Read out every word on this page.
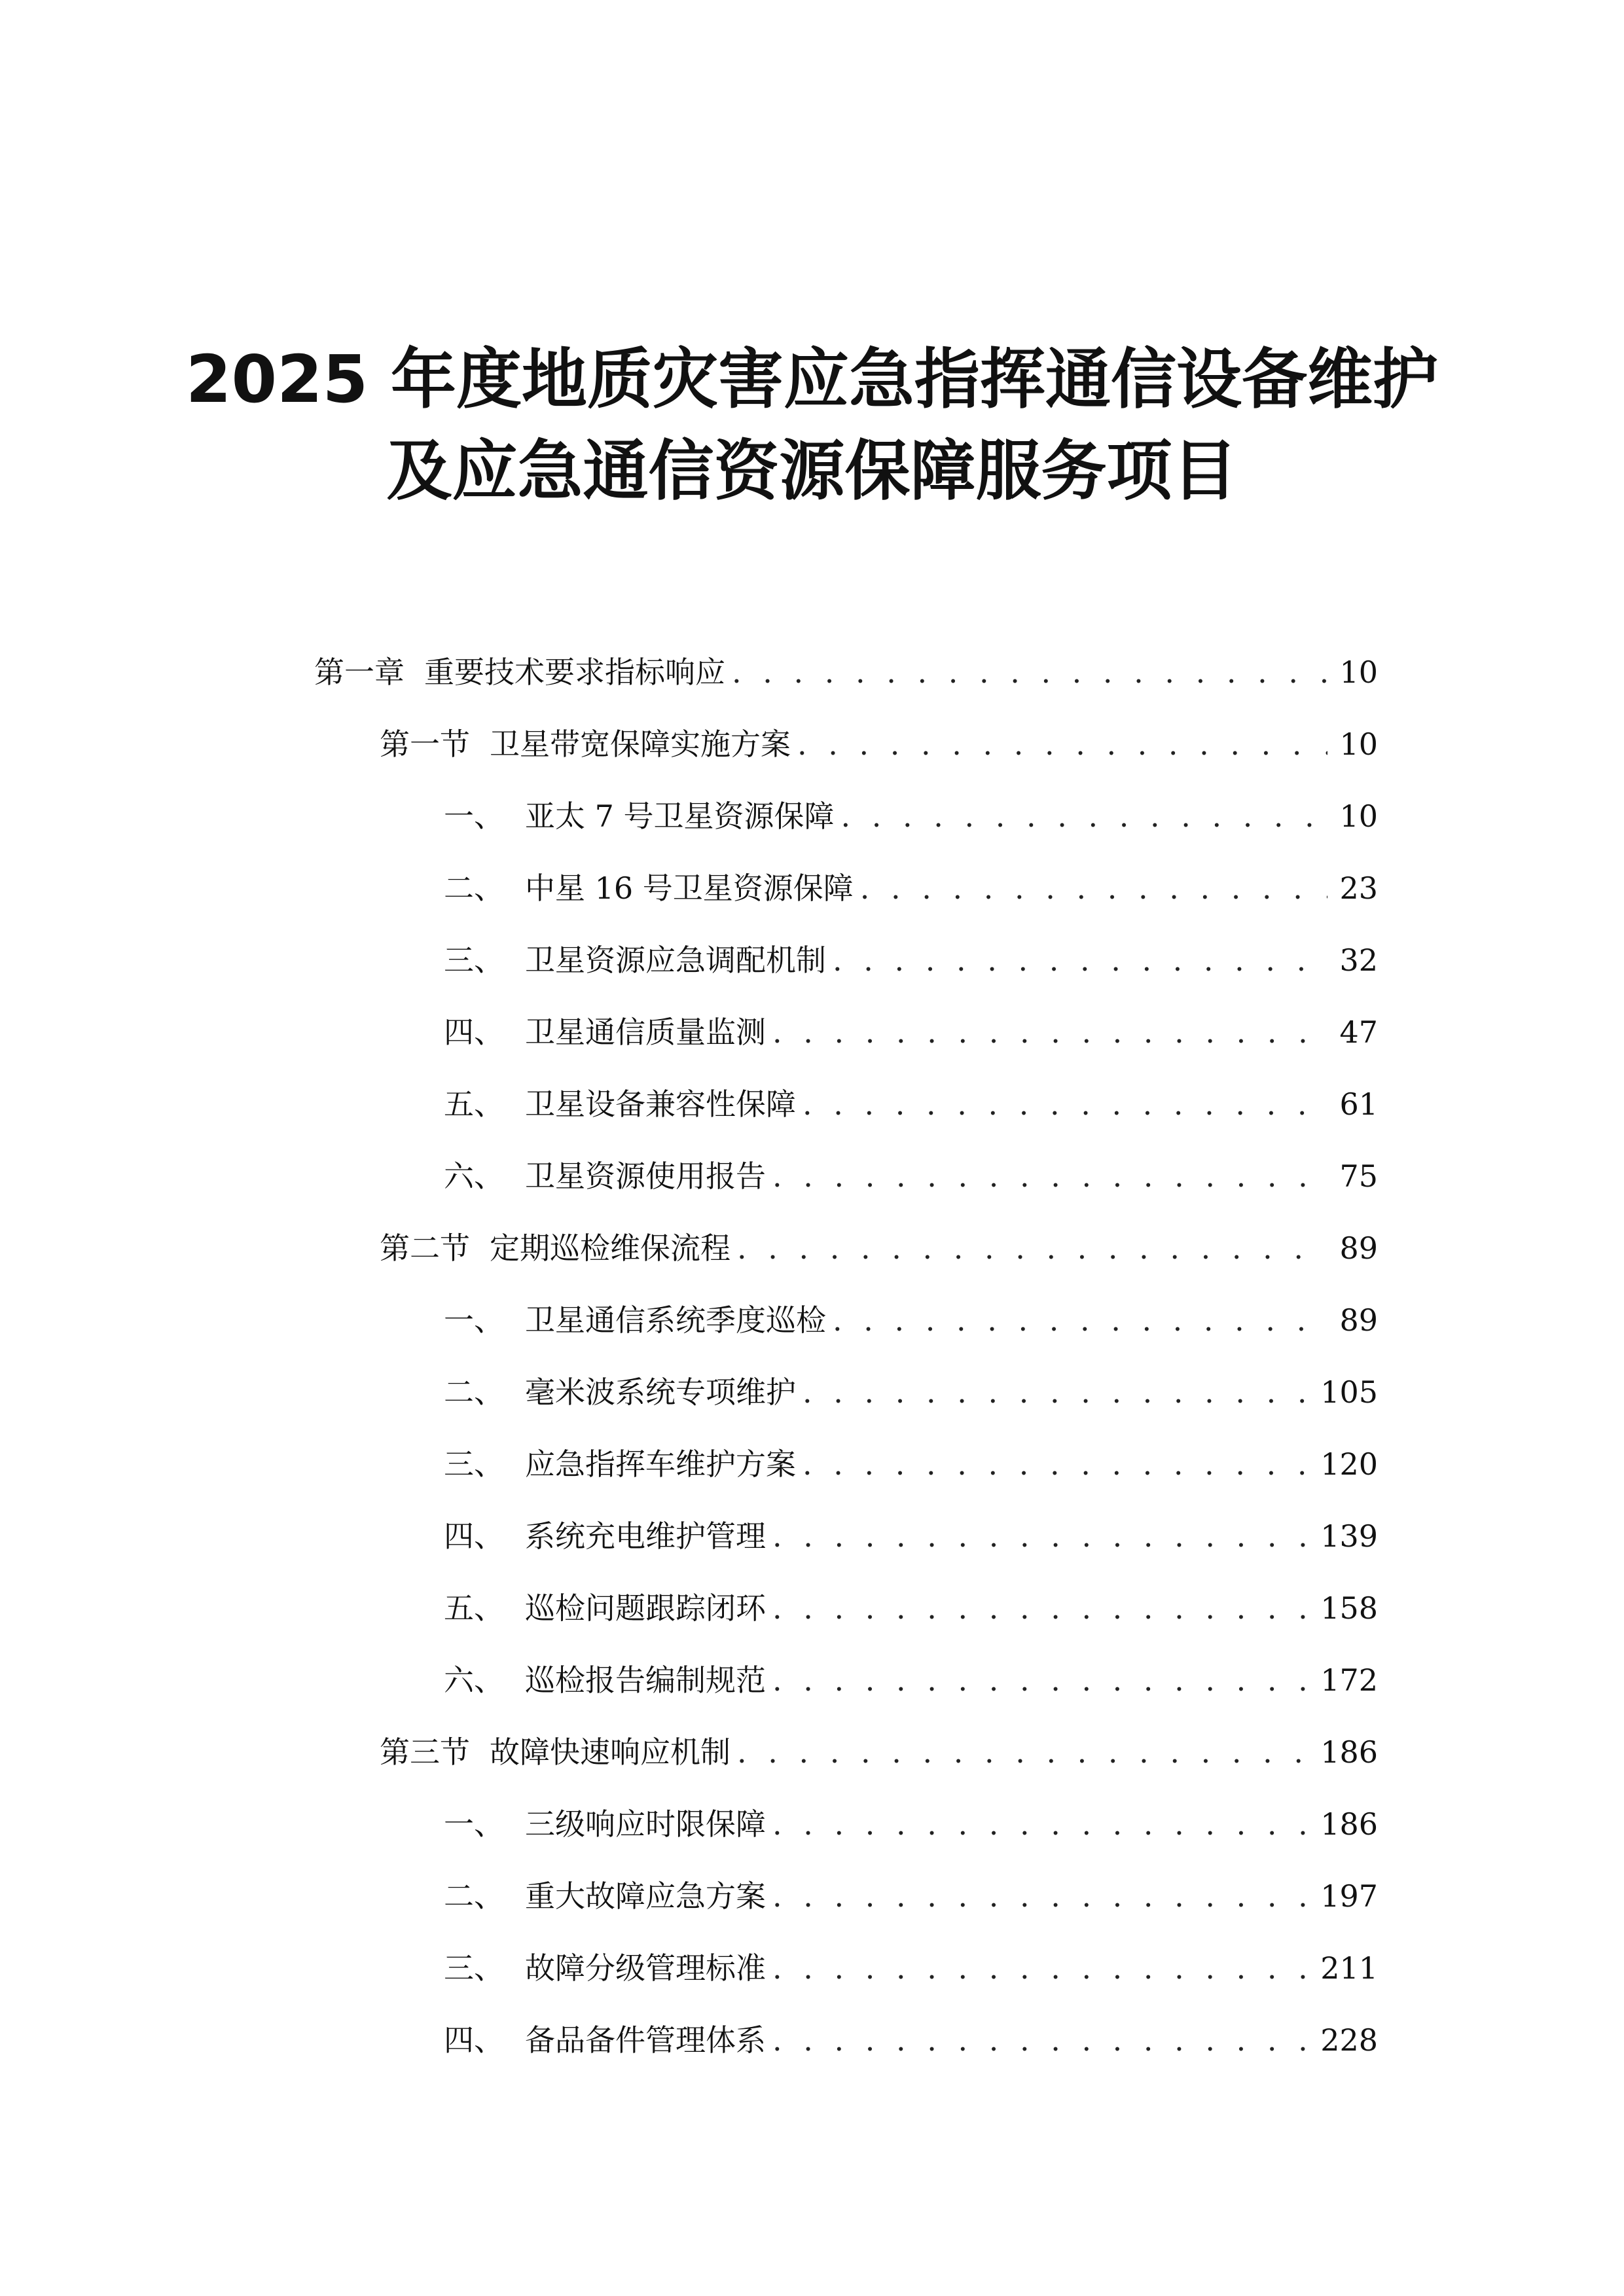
2025 年度地质灾害应急指挥通信设备维护
及应急通信资源保障服务项目
第一章 重要技术要求指标响应 . . .	10
第一节 卫星带宽保障实施方案 . . .	10
一、 亚太 7 号卫星资源保障 . . .	10
二、 中星 16 号卫星资源保障 . . .	23
三、 卫星资源应急调配机制 . . .	32
四、 卫星通信质量监测 . . .	47
五、 卫星设备兼容性保障 . . .	61
六、 卫星资源使用报告 . . .	75
第二节 定期巡检维保流程 . . .	89
一、 卫星通信系统季度巡检 . . .	89
二、 毫米波系统专项维护 . . .	105
三、 应急指挥车维护方案 . . .	120
四、 系统充电维护管理 . . .	139
五、 巡检问题跟踪闭环 . . .	158
六、 巡检报告编制规范 . . .	172
第三节 故障快速响应机制 . . .	186
一、 三级响应时限保障 . . .	186
二、 重大故障应急方案 . . .	197
三、 故障分级管理标准 . . .	211
四、 备品备件管理体系 . . .	228
